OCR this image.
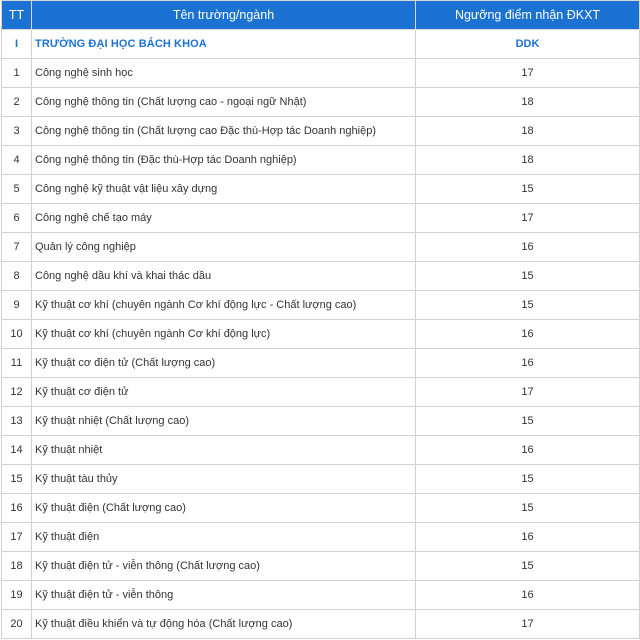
TT	Tên trường/ngành	Ngưỡng điểm nhận ĐKXT
I	TRƯỜNG ĐẠI HỌC BÁCH KHOA	DDK
1	Công nghệ sinh học	17
2	Công nghệ thông tin (Chất lượng cao - ngoại ngữ Nhật)	18
3	Công nghệ thông tin (Chất lượng cao Đặc thù-Hợp tác Doanh nghiệp)	18
4	Công nghệ thông tin (Đặc thù-Hợp tác Doanh nghiệp)	18
5	Công nghệ kỹ thuật vật liệu xây dựng	15
6	Công nghệ chế tạo máy	17
7	Quản lý công nghiệp	16
8	Công nghệ dầu khí và khai thác dầu	15
9	Kỹ thuật cơ khí (chuyên ngành Cơ khí động lực - Chất lượng cao)	15
10	Kỹ thuật cơ khí (chuyên ngành Cơ khí động lực)	16
11	Kỹ thuật cơ điện tử (Chất lượng cao)	16
12	Kỹ thuật cơ điện tử	17
13	Kỹ thuật nhiệt (Chất lượng cao)	15
14	Kỹ thuật nhiệt	16
15	Kỹ thuật tàu thủy	15
16	Kỹ thuật điện (Chất lượng cao)	15
17	Kỹ thuật điện	16
18	Kỹ thuật điện tử - viễn thông (Chất lượng cao)	15
19	Kỹ thuật điện tử - viễn thông	16
20	Kỹ thuật điều khiển và tự động hóa (Chất lượng cao)	17
